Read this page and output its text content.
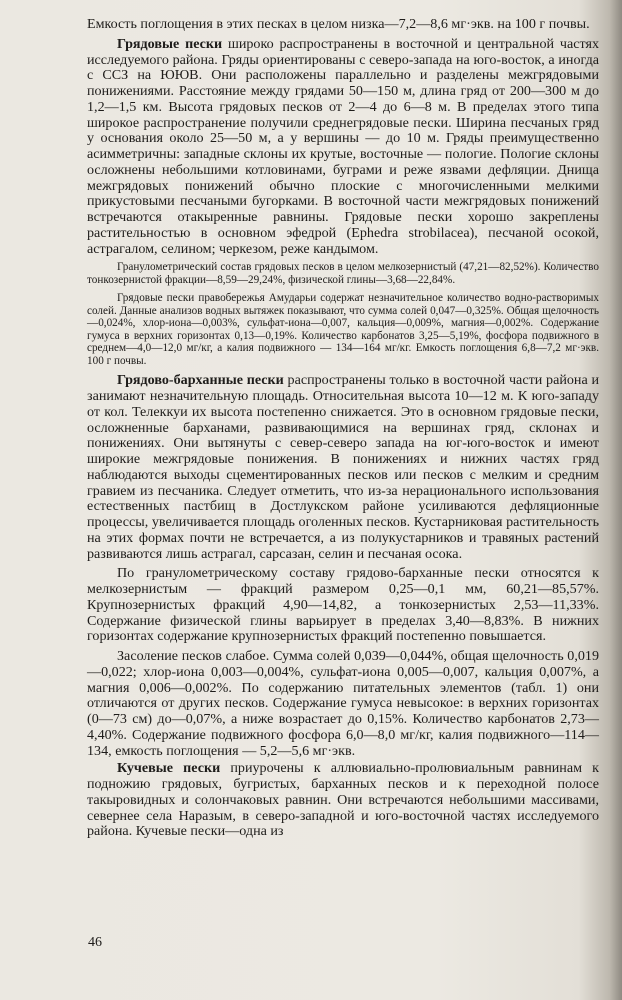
Емкость поглощения в этих песках в целом низка—7,2—8,6 мг·экв. на 100 г почвы.

Грядовые пески широко распространены в восточной и центральной частях исследуемого района. Гряды ориентированы с северо-запада на юго-восток, а иногда с ССЗ на ЮЮВ. Они расположены параллельно и разделены межгрядовыми понижениями. Расстояние между грядами 50—150 м, длина гряд от 200—300 м до 1,2—1,5 км. Высота грядовых песков от 2—4 до 6—8 м. В пределах этого типа широкое распространение получили среднегрядовые пески. Ширина песчаных гряд у основания около 25—50 м, а у вершины — до 10 м. Гряды преимущественно асимметричны: западные склоны их крутые, восточные — пологие. Пологие склоны осложнены небольшими котловинами, буграми и реже язвами дефляции. Днища межгрядовых понижений обычно плоские с многочисленными мелкими прикустовыми песчаными бугорками. В восточной части межгрядовых понижений встречаются отакыренные равнины. Грядовые пески хорошо закреплены растительностью в основном эфедрой (Ephedra strobilacea), песчаной осокой, астрагалом, селином; черкезом, реже кандымом.

Гранулометрический состав грядовых песков в целом мелкозернистый (47,21—82,52%). Количество тонкозернистой фракции—8,59—29,24%, физической глины—3,68—22,84%.

Грядовые пески правобережья Амударьи содержат незначительное количество водно-растворимых солей. Данные анализов водных вытяжек показывают, что сумма солей 0,047—0,325%. Общая щелочность—0,024%, хлор-иона—0,003%, сульфат-иона—0,007, кальция—0,009%, магния—0,002%. Содержание гумуса в верхних горизонтах 0,13—0,19%. Количество карбонатов 3,25—5,19%, фосфора подвижного в среднем—4,0—12,0 мг/кг, а калия подвижного — 134—164 мг/кг. Емкость поглощения 6,8—7,2 мг·экв. 100 г почвы.

Грядово-барханные пески распространены только в восточной части района и занимают незначительную площадь. Относительная высота 10—12 м. К юго-западу от кол. Телеккуи их высота постепенно снижается. Это в основном грядовые пески, осложненные барханами, развивающимися на вершинах гряд, склонах и понижениях. Они вытянуты с север-северо запада на юг-юго-восток и имеют широкие межгрядовые понижения. В понижениях и нижних частях гряд наблюдаются выходы сцементированных песков или песков с мелким и средним гравием из песчаника. Следует отметить, что из-за нерационального использования естественных пастбищ в Достлукском районе усиливаются дефляционные процессы, увеличивается площадь оголенных песков. Кустарниковая растительность на этих формах почти не встречается, а из полукустарников и травяных растений развиваются лишь астрагал, сарсазан, селин и песчаная осока.

По гранулометрическому составу грядово-барханные пески относятся к мелкозернистым — фракций размером 0,25—0,1 мм, 60,21—85,57%. Крупнозернистых фракций 4,90—14,82, а тонкозернистых 2,53—11,33%. Содержание физической глины варьирует в пределах 3,40—8,83%. В нижних горизонтах содержание крупнозернистых фракций постепенно повышается.

Засоление песков слабое. Сумма солей 0,039—0,044%, общая щелочность 0,019—0,022; хлор-иона 0,003—0,004%, сульфат-иона 0,005—0,007, кальция 0,007%, а магния 0,006—0,002%. По содержанию питательных элементов (табл. 1) они отличаются от других песков. Содержание гумуса невысокое: в верхних горизонтах (0—73 см) до—0,07%, а ниже возрастает до 0,15%. Количество карбонатов 2,73—4,40%. Содержание подвижного фосфора 6,0—8,0 мг/кг, калия подвижного—114—134, емкость поглощения — 5,2—5,6 мг·экв.

Кучевые пески приурочены к аллювиально-пролювиальным равнинам к подножию грядовых, бугристых, барханных песков и к переходной полосе такыровидных и солончаковых равнин. Они встречаются небольшими массивами, севернее села Наразым, в северо-западной и юго-восточной частях исследуемого района. Кучевые пески—одна из

46
